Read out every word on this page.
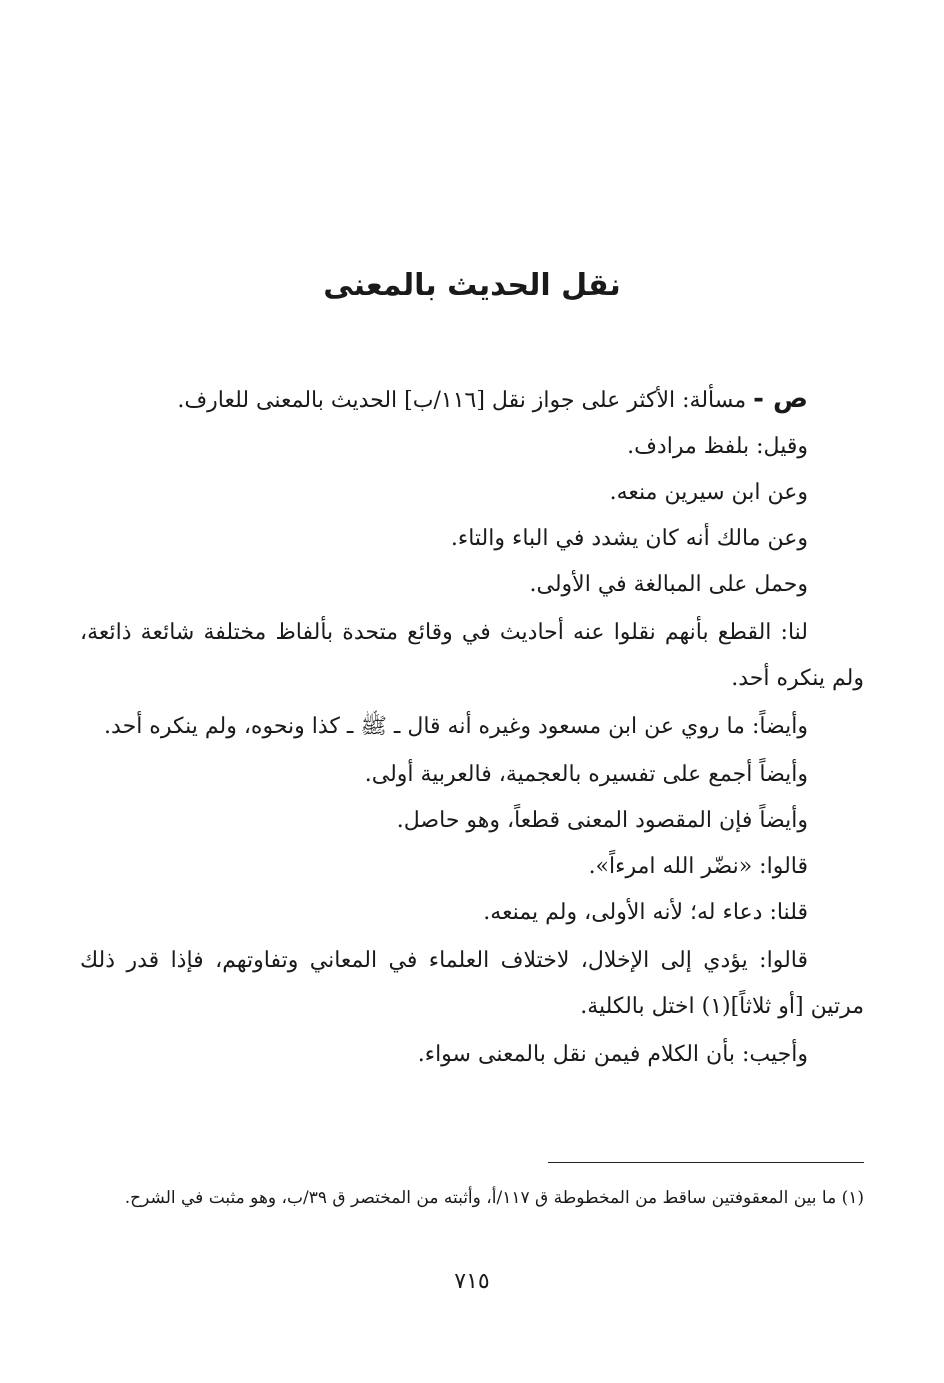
نقل الحديث بالمعنى

ص - مسألة: الأكثر على جواز نقل [١١٦/ب] الحديث بالمعنى للعارف.

وقيل: بلفظ مرادف.

وعن ابن سيرين منعه.

وعن مالك أنه كان يشدد في الباء والتاء.

وحمل على المبالغة في الأولى.

لنا: القطع بأنهم نقلوا عنه أحاديث في وقائع متحدة بألفاظ مختلفة شائعة ذائعة، ولم ينكره أحد.

وأيضاً: ما روي عن ابن مسعود وغيره أنه قال ـ ﷺ ـ كذا ونحوه، ولم ينكره أحد.

وأيضاً أجمع على تفسيره بالعجمية، فالعربية أولى.

وأيضاً فإن المقصود المعنى قطعاً، وهو حاصل.

قالوا: «نضّر الله امرءاً».

قلنا: دعاء له؛ لأنه الأولى، ولم يمنعه.

قالوا: يؤدي إلى الإخلال، لاختلاف العلماء في المعاني وتفاوتهم، فإذا قدر ذلك مرتين [أو ثلاثاً](١) اختل بالكلية.

وأجيب: بأن الكلام فيمن نقل بالمعنى سواء.

(١) ما بين المعقوفتين ساقط من المخطوطة ق ١١٧/أ، وأثبته من المختصر ق ٣٩/ب، وهو مثبت في الشرح.
٧١٥
